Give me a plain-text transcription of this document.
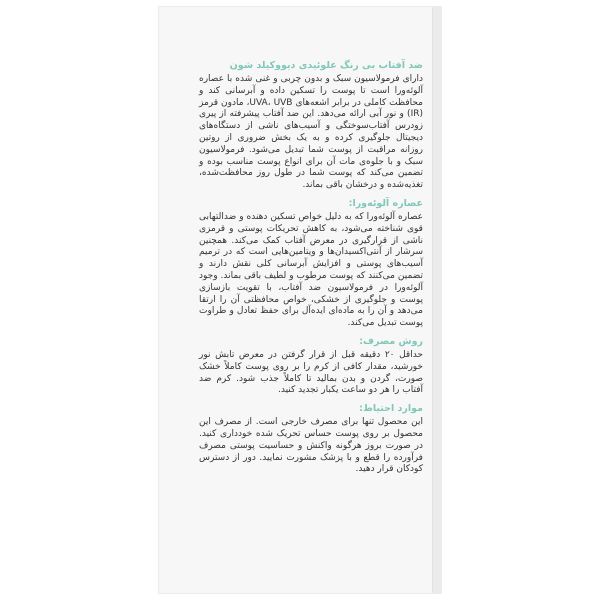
ضد آفتاب بی رنگ علوئیدی دیووکیلد شون

دارای فرمولاسیون سبک و بدون چربی و غنی شده با عصاره آلوئه‌ورا است تا پوست را تسکین داده و آبرسانی کند و محافظت کاملی در برابر اشعه‌های UVA، UVB، مادون قرمز (IR) و نور آبی ارائه می‌دهد. این ضد آفتاب پیشرفته از پیری زودرس آفتاب‌سوختگی و آسیب‌های ناشی از دستگاه‌های دیجیتال جلوگیری کرده و به یک بخش ضروری از روتین روزانه مراقبت از پوست شما تبدیل می‌شود. فرمولاسیون سبک و با جلوه‌ی مات آن برای انواع پوست مناسب بوده و تضمین می‌کند که پوست شما در طول روز محافظت‌شده، تغذیه‌شده و درخشان باقی بماند.

عصاره آلوئه‌ورا:

عصاره آلوئه‌ورا که به دلیل خواص تسکین دهنده و ضدالتهابی قوی شناخته می‌شود، به کاهش تحریکات پوستی و قرمزی ناشی از قرارگیری در معرض آفتاب کمک می‌کند. همچنین سرشار از آنتی‌اکسیدان‌ها و ویتامین‌هایی است که در ترمیم آسیب‌های پوستی و افزایش آبرسانی کلی نقش دارند و تضمین می‌کنند که پوست مرطوب و لطیف باقی بماند. وجود آلوئه‌ورا در فرمولاسیون ضد آفتاب، با تقویت بازسازی پوست و جلوگیری از خشکی، خواص محافظتی آن را ارتقا می‌دهد و آن را به ماده‌ای ایده‌آل برای حفظ تعادل و طراوت پوست تبدیل می‌کند.

روش مصرف:

حداقل ۲۰ دقیقه قبل از قرار گرفتن در معرض تابش نور خورشید، مقدار کافی از کرم را بر روی پوست کاملاً خشک صورت، گردن و بدن بمالید تا کاملاً جذب شود. کرم ضد آفتاب را هر دو ساعت یکبار تجدید کنید.

موارد احتیاط:

این محصول تنها برای مصرف خارجی است. از مصرف این محصول بر روی پوست حساس تحریک شده خودداری کنید. در صورت بروز هرگونه واکنش و حساسیت پوستی مصرف فرآورده را قطع و با پزشک مشورت نمایید. دور از دسترس کودکان قرار دهید.
